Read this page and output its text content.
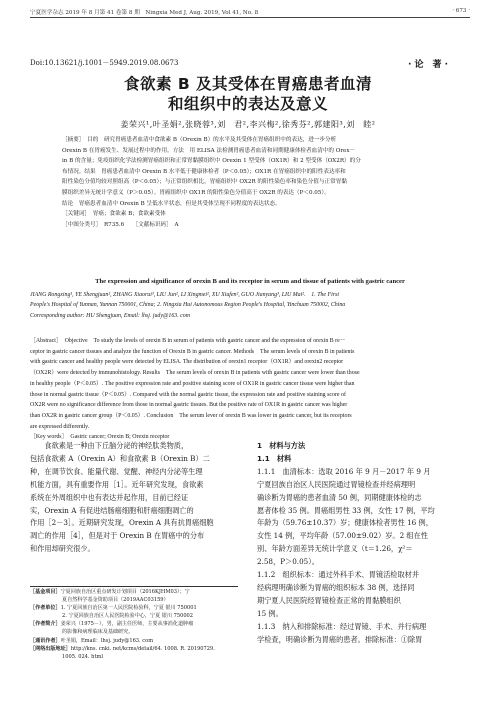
宁夏医学杂志 2019 年 8 月第 41 卷第 8 期　Ningxia Med J, Aug. 2019, Vol 41, No. 8	· 673 ·
Doi:10.13621/j.1001－5949.2019.08.0673	· 论　著 ·
食欲素 B 及其受体在胃癌患者血清
和组织中的表达及意义
姜荣兴¹,叶圣娟²,张晓蓉³,刘　君²,李兴梅²,徐秀芬²,郭建阳³,刘　睦²
［摘要］　目的　研究胃癌患者血清中食欲素 B（Orexin B）的水平及其受体在胃癌组织中的表达，进一步分析
Orexin B 在胃癌发生、发展过程中的作用。方法　用 ELISA 法检测胃癌患者血清和同期健康体检者血清中的 Orex－
in B 的含量；免疫组织化学法检测胃癌组织和正常胃黏膜组织中 Orexin 1 型受体（OX1R）和 2 型受体（OX2R）的分
布情况。结果　胃癌患者血清中 Orexin B 水平低于健康体检者（P＜0.05）；OX1R 在胃癌组织中的阳性表达率和
阳性染色分值均较对照组高（P＜0.05）；与正常组织相比，胃癌组织中 OX2R 的阳性染色率和染色分值与正常胃黏
膜组织差异无统计学意义（P＞0.05）。胃癌组织中 OX1R 的阳性染色分值高于 OX2R 的表达（P＜0.05）。
结论　胃癌患者血清中 Orexin B 呈低水平状态，但是其受体呈现不同程度的表达状态。
［关键词］　胃癌；食欲素 B；食欲素受体
［中图分类号］　R735.6　　［文献标识码］　A
The expression and significance of orexin B and its receptor in serum and tissue of patients with gastric cancer
JIANG Rongxing¹, YE Shengjuan², ZHANG Xiaorui³, LIU Jun², LI Xingmei², XU Xiufen², GUO Jianyang³, LIU Mai².　1. The First
People's Hospital of Yunnan, Yunnan 750001, China; 2. Ningxia Hui Autonomous Region People's Hospital, Yinchuan 750002, China
Corresponding author: HU Shengjuan, Email: lhsj. judy@163. com
［Abstract］　Objective　To study the levels of orexin B in serum of patients with gastric cancer and the expression of orexin B re－
ceptor in gastric cancer tissues and analyze the function of Orexin B in gastric cancer. Methods　The serum levels of orexin B in patients
with gastric cancer and healthy people were detected by ELISA. The distribution of orexin1 receptor（OX1R）and orexin2 receptor
（OX2R）were detected by immunohistology. Results　The serum levels of orexin B in patients with gastric cancer were lower than those
in healthy people（P＜0.05）. The positive expression rate and positive staining score of OX1R in gastric cancer tissue were higher than
those in normal gastric tissue（P＜0.05）. Compared with the normal gastric tissue, the expression rate and positive staining score of
OX2R were no significance difference from those in normal gastric tissues. But the positive rate of OX1R in gastric cancer was higher
than OX2R in gastric cancer group（P＜0.05）. Conclusion　The serum lever of orexin B was lower in gastric cancer, but its receptors
are expressed differently.
［Key words］　Gastric cancer; Orexin B; Orexin receptor
　　食欲素是一种由下丘脑分泌的神经肽类物质，
包括食欲素 A（Orexin A）和食欲素 B（Orexin B）二
种，在调节饮食、能量代谢、觉醒、神经内分泌等生理
机能方面，具有重要作用［1］。近年研究发现，食欲素
系统在外周组织中也有表达并起作用，目前已经证
实，Orexin A 有促进结肠癌细胞和肝癌细胞凋亡的
作用［2－3］。近期研究发现，Orexin A 具有抗胃癌细胞
凋亡的作用［4］，但是对于 Orexin B 在胃癌中的分布
和作用却研究很少。
1　材料与方法
1.1　材料
1.1.1　血清标本：选取 2016 年 9 月－2017 年 9 月
宁夏回族自治区人民医院通过胃镜检查并经病理明
确诊断为胃癌的患者血清 50 例，同期健康体检的志
愿者体检 35 例。胃癌组男性 33 例，女性 17 例，平均
年龄为（59.76±10.37）岁；健康体检者男性 16 例，
女性 14 例，平均年龄（57.00±9.02）岁。2 组在性
别、年龄方面差异无统计学意义（t＝1.26，χ²＝
2.58，P＞0.05）。
1.1.2　组织标本：通过外科手术、胃镜活检取材并
经病理明确诊断为胃癌的组织标本 38 例，选择同
期宁夏人民医院经胃镜检查正常的胃黏膜组织
15 例。
1.1.3　纳入和排除标准：经过胃镜、手术、并行病理
学检查，明确诊断为胃癌的患者。排除标准：①除胃
［基金项目］宁夏回族自治区重点研发计划项目（2016KJHM03）；宁
夏自然科学基金资助项目（2019AAC03159）
［作者单位］1. 宁夏回族自治区第一人民医院检验科，宁夏 银川 750001
2. 宁夏回族自治区人民医院检验中心，宁夏 银川 750002
［作者简介］姜荣兴（1975－），男，副主任医师，主要从事消化道肿瘤
的影像和病理临床及基础研究。
［通讯作者］叶圣娟，Email：lhsj. judy@163. com
［网络出版地址］http://kns. cnki. net/kcms/detail/64. 1008. R. 20190729.
1005. 024. html
